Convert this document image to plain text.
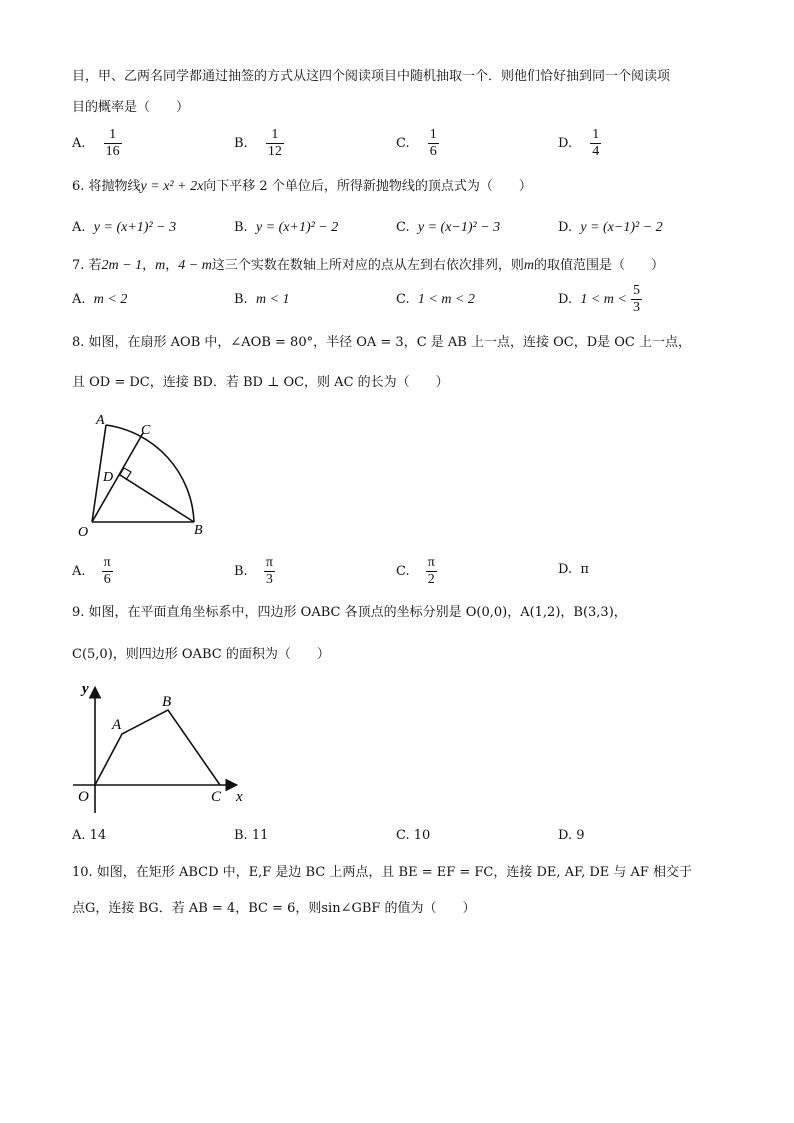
目，甲、乙两名同学都通过抽签的方式从这四个阅读项目中随机抽取一个．则他们恰好抽到同一个阅读项
目的概率是（　　）
A. $\frac{1}{16}$	B. $\frac{1}{12}$	C. $\frac{1}{6}$	D. $\frac{1}{4}$
6. 将抛物线y = x² + 2x向下平移 2 个单位后，所得新抛物线的顶点式为（　　）
A. y = (x+1)² − 3	B. y = (x+1)² − 2	C. y = (x−1)² − 3	D. y = (x−1)² − 2
7. 若2m − 1，m，4 − m这三个实数在数轴上所对应的点从左到右依次排列，则m的取值范围是（　　）
A. m < 2	B. m < 1	C. 1 < m < 2	D. $1 < m < \frac{5}{3}$
8. 如图，在扇形 AOB 中，∠AOB = 80°，半径 OA = 3，C 是 AB 上一点，连接 OC，D是 OC 上一点，
且 OD = DC，连接 BD．若 BD ⊥ OC，则 AC 的长为（　　）
A
C
D
O	B
A. $\frac{\pi}{6}$	B. $\frac{\pi}{3}$	C. $\frac{\pi}{2}$	D. π
9. 如图，在平面直角坐标系中，四边形 OABC 各顶点的坐标分别是 O(0,0)，A(1,2)，B(3,3)，
C(5,0)，则四边形 OABC 的面积为（　　）
y
x
O
A
B
C
A. 14	B. 11	C. 10	D. 9
10. 如图，在矩形 ABCD 中，E,F 是边 BC 上两点，且 BE = EF = FC，连接 DE, AF, DE 与 AF 相交于
点G，连接 BG．若 AB = 4，BC = 6，则sin∠GBF 的值为（　　）
